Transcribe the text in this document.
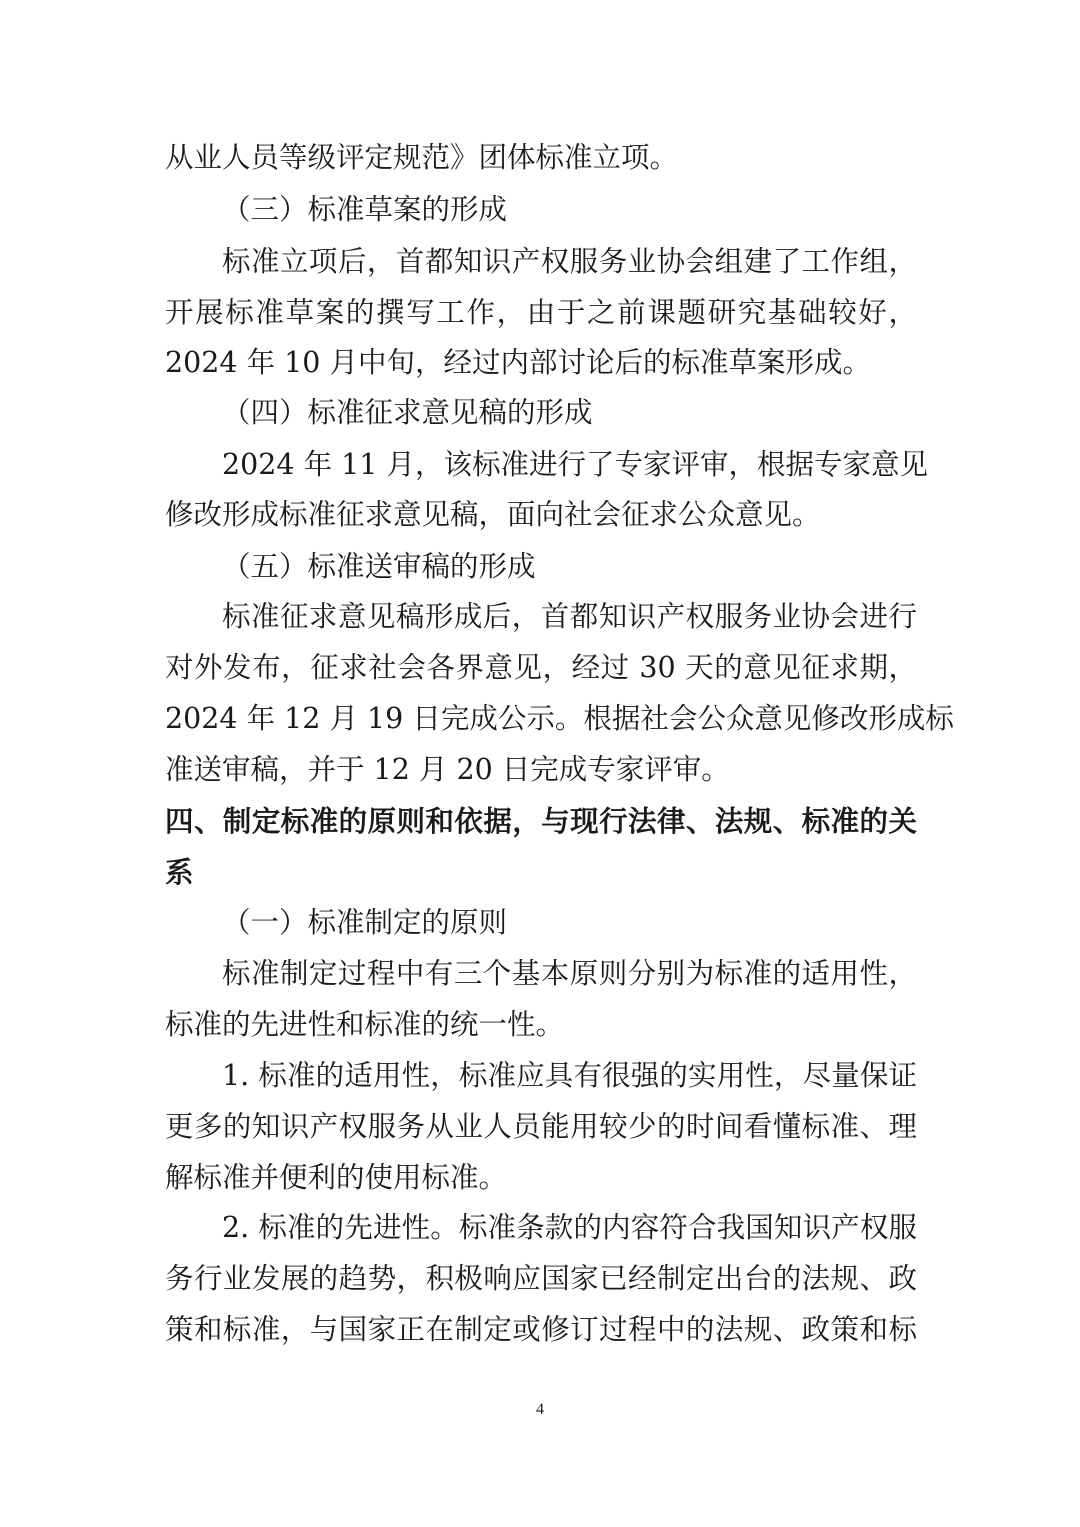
从业人员等级评定规范》团体标准立项。
（三）标准草案的形成
标准立项后，首都知识产权服务业协会组建了工作组，
开展标准草案的撰写工作，由于之前课题研究基础较好，
2024 年 10 月中旬，经过内部讨论后的标准草案形成。
（四）标准征求意见稿的形成
2024 年 11 月，该标准进行了专家评审，根据专家意见
修改形成标准征求意见稿，面向社会征求公众意见。
（五）标准送审稿的形成
标准征求意见稿形成后，首都知识产权服务业协会进行
对外发布，征求社会各界意见，经过 30 天的意见征求期，
2024 年 12 月 19 日完成公示。根据社会公众意见修改形成标
准送审稿，并于 12 月 20 日完成专家评审。
四、制定标准的原则和依据，与现行法律、法规、标准的关
系
（一）标准制定的原则
标准制定过程中有三个基本原则分别为标准的适用性，
标准的先进性和标准的统一性。
1. 标准的适用性，标准应具有很强的实用性，尽量保证
更多的知识产权服务从业人员能用较少的时间看懂标准、理
解标准并便利的使用标准。
2. 标准的先进性。标准条款的内容符合我国知识产权服
务行业发展的趋势，积极响应国家已经制定出台的法规、政
策和标准，与国家正在制定或修订过程中的法规、政策和标
4
